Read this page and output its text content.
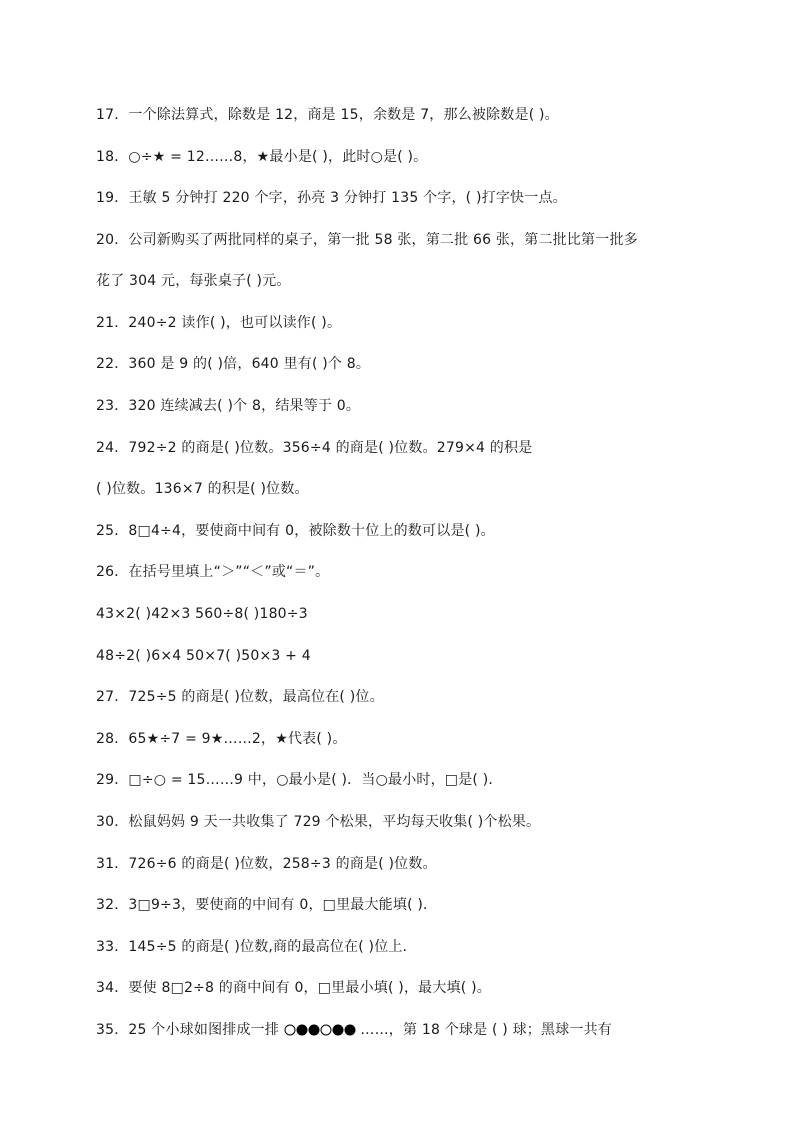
17．一个除法算式，除数是 12，商是 15，余数是 7，那么被除数是( )。
18．○÷★ = 12……8，★最小是( )，此时○是( )。
19．王敏 5 分钟打 220 个字，孙亮 3 分钟打 135 个字，( )打字快一点。
20．公司新购买了两批同样的桌子，第一批 58 张，第二批 66 张，第二批比第一批多
花了 304 元，每张桌子( )元。
21．240÷2 读作( )，也可以读作( )。
22．360 是 9 的( )倍，640 里有( )个 8。
23．320 连续减去( )个 8，结果等于 0。
24．792÷2 的商是( )位数。356÷4 的商是( )位数。279×4 的积是
( )位数。136×7 的积是( )位数。
25．8□4÷4，要使商中间有 0，被除数十位上的数可以是( )。
26．在括号里填上“＞”“＜”或“＝”。
43×2( )42×3 560÷8( )180÷3
48÷2( )6×4 50×7( )50×3 + 4
27．725÷5 的商是( )位数，最高位在( )位。
28．65★÷7 = 9★……2，★代表( )。
29．□÷○ = 15……9 中，○最小是( )．当○最小时，□是( )．
30．松鼠妈妈 9 天一共收集了 729 个松果，平均每天收集( )个松果。
31．726÷6 的商是( )位数，258÷3 的商是( )位数。
32．3□9÷3，要使商的中间有 0，□里最大能填( )．
33．145÷5 的商是( )位数,商的最高位在( )位上．
34．要使 8□2÷8 的商中间有 0，□里最小填( )，最大填( )。
35．25 个小球如图排成一排	……，第 18 个球是 ( ) 球；黑球一共有
